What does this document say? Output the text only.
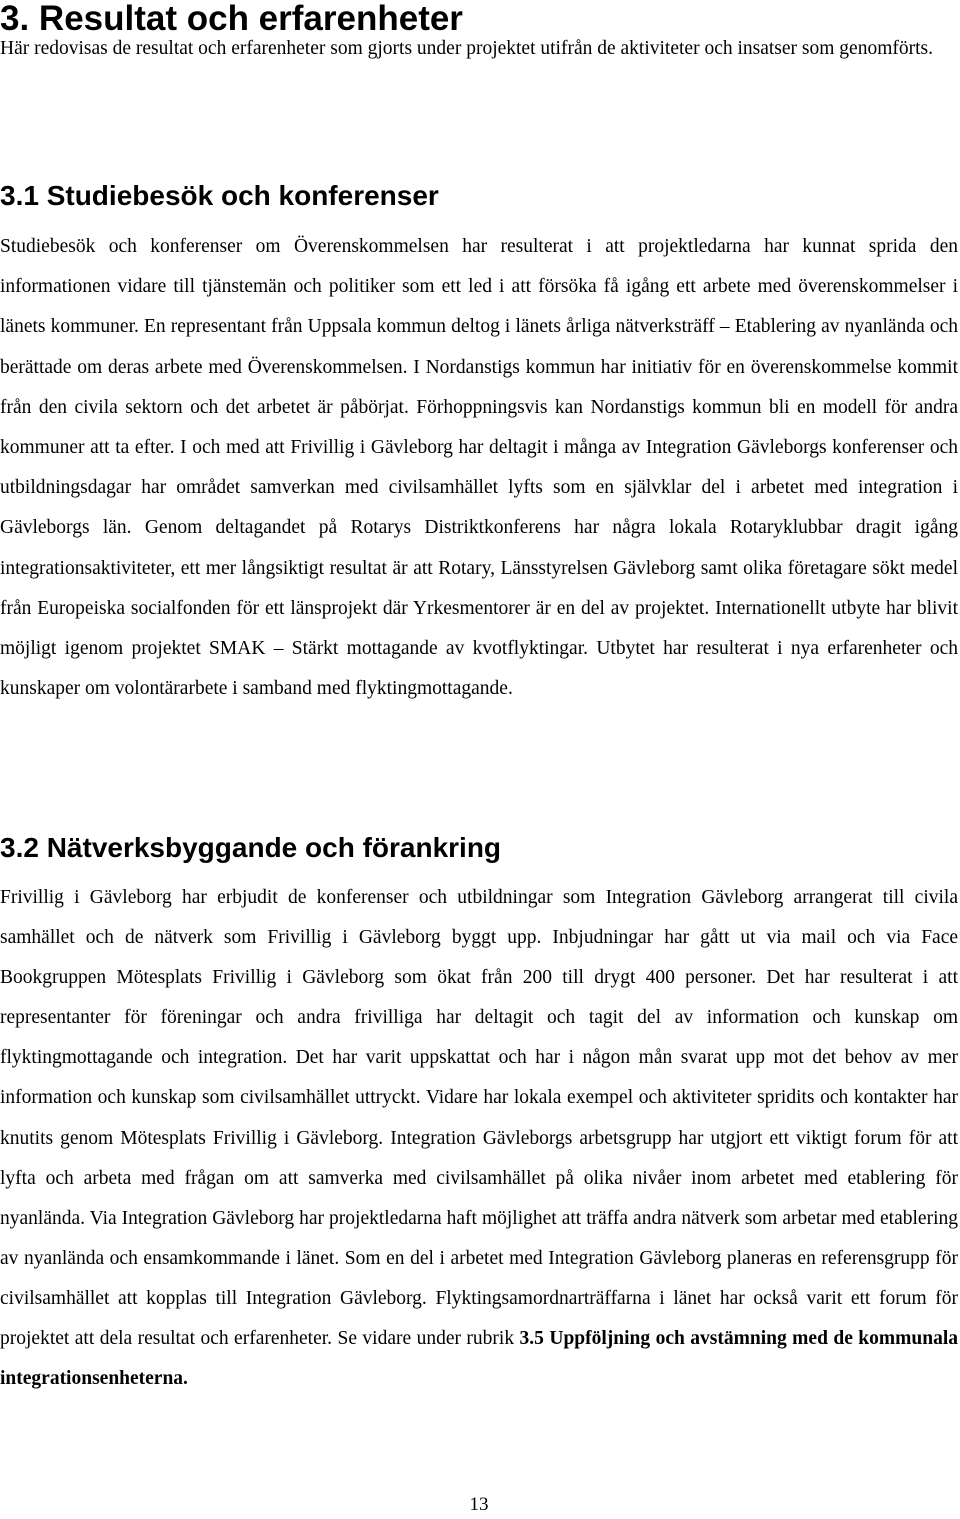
3. Resultat och erfarenheter

Här redovisas de resultat och erfarenheter som gjorts under projektet utifrån de aktiviteter och insatser som genomförts.

3.1 Studiebesök och konferenser

Studiebesök och konferenser om Överenskommelsen har resulterat i att projektledarna har kunnat sprida den informationen vidare till tjänstemän och politiker som ett led i att försöka få igång ett arbete med överenskommelser i länets kommuner. En representant från Uppsala kommun deltog i länets årliga nätverksträff – Etablering av nyanlända och berättade om deras arbete med Överenskommelsen. I Nordanstigs kommun har initiativ för en överenskommelse kommit från den civila sektorn och det arbetet är påbörjat. Förhoppningsvis kan Nordanstigs kommun bli en modell för andra kommuner att ta efter. I och med att Frivillig i Gävleborg har deltagit i många av Integration Gävleborgs konferenser och utbildningsdagar har området samverkan med civilsamhället lyfts som en självklar del i arbetet med integration i Gävleborgs län. Genom deltagandet på Rotarys Distriktkonferens har några lokala Rotaryklubbar dragit igång integrationsaktiviteter, ett mer långsiktigt resultat är att Rotary, Länsstyrelsen Gävleborg samt olika företagare sökt medel från Europeiska socialfonden för ett länsprojekt där Yrkesmentorer är en del av projektet. Internationellt utbyte har blivit möjligt igenom projektet SMAK – Stärkt mottagande av kvotflyktingar. Utbytet har resulterat i nya erfarenheter och kunskaper om volontärarbete i samband med flyktingmottagande.

3.2 Nätverksbyggande och förankring

Frivillig i Gävleborg har erbjudit de konferenser och utbildningar som Integration Gävleborg arrangerat till civila samhället och de nätverk som Frivillig i Gävleborg byggt upp. Inbjudningar har gått ut via mail och via Face Bookgruppen Mötesplats Frivillig i Gävleborg som ökat från 200 till drygt 400 personer. Det har resulterat i att representanter för föreningar och andra frivilliga har deltagit och tagit del av information och kunskap om flyktingmottagande och integration. Det har varit uppskattat och har i någon mån svarat upp mot det behov av mer information och kunskap som civilsamhället uttryckt. Vidare har lokala exempel och aktiviteter spridits och kontakter har knutits genom Mötesplats Frivillig i Gävleborg. Integration Gävleborgs arbetsgrupp har utgjort ett viktigt forum för att lyfta och arbeta med frågan om att samverka med civilsamhället på olika nivåer inom arbetet med etablering för nyanlända. Via Integration Gävleborg har projektledarna haft möjlighet att träffa andra nätverk som arbetar med etablering av nyanlända och ensamkommande i länet. Som en del i arbetet med Integration Gävleborg planeras en referensgrupp för civilsamhället att kopplas till Integration Gävleborg. Flyktingsamordnarträffarna i länet har också varit ett forum för projektet att dela resultat och erfarenheter. Se vidare under rubrik 3.5 Uppföljning och avstämning med de kommunala integrationsenheterna.

13
